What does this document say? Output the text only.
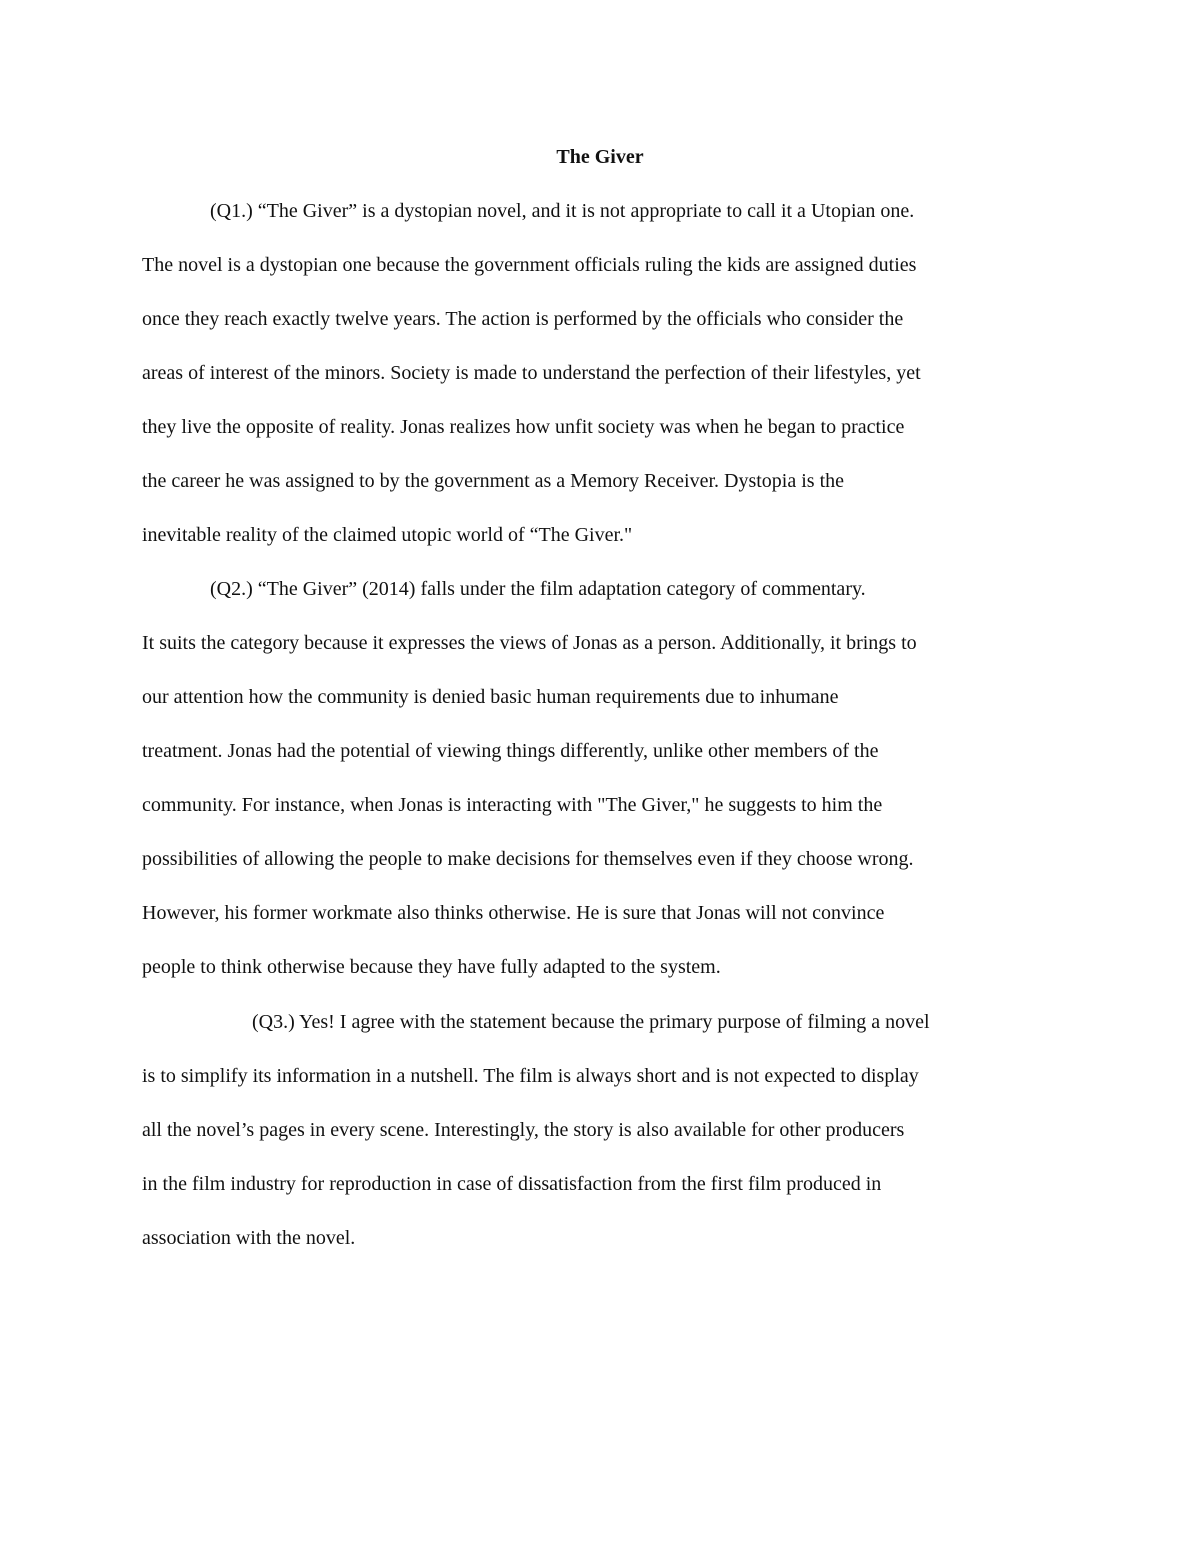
The Giver
(Q1.) “The Giver” is a dystopian novel, and it is not appropriate to call it a Utopian one.
The novel is a dystopian one because the government officials ruling the kids are assigned duties
once they reach exactly twelve years. The action is performed by the officials who consider the
areas of interest of the minors. Society is made to understand the perfection of their lifestyles, yet
they live the opposite of reality. Jonas realizes how unfit society was when he began to practice
the career he was assigned to by the government as a Memory Receiver. Dystopia is the
inevitable reality of the claimed utopic world of “The Giver."
(Q2.) “The Giver” (2014) falls under the film adaptation category of commentary.
It suits the category because it expresses the views of Jonas as a person. Additionally, it brings to
our attention how the community is denied basic human requirements due to inhumane
treatment. Jonas had the potential of viewing things differently, unlike other members of the
community. For instance, when Jonas is interacting with "The Giver," he suggests to him the
possibilities of allowing the people to make decisions for themselves even if they choose wrong.
However, his former workmate also thinks otherwise. He is sure that Jonas will not convince
people to think otherwise because they have fully adapted to the system.
(Q3.) Yes! I agree with the statement because the primary purpose of filming a novel
is to simplify its information in a nutshell. The film is always short and is not expected to display
all the novel’s pages in every scene. Interestingly, the story is also available for other producers
in the film industry for reproduction in case of dissatisfaction from the first film produced in
association with the novel.
